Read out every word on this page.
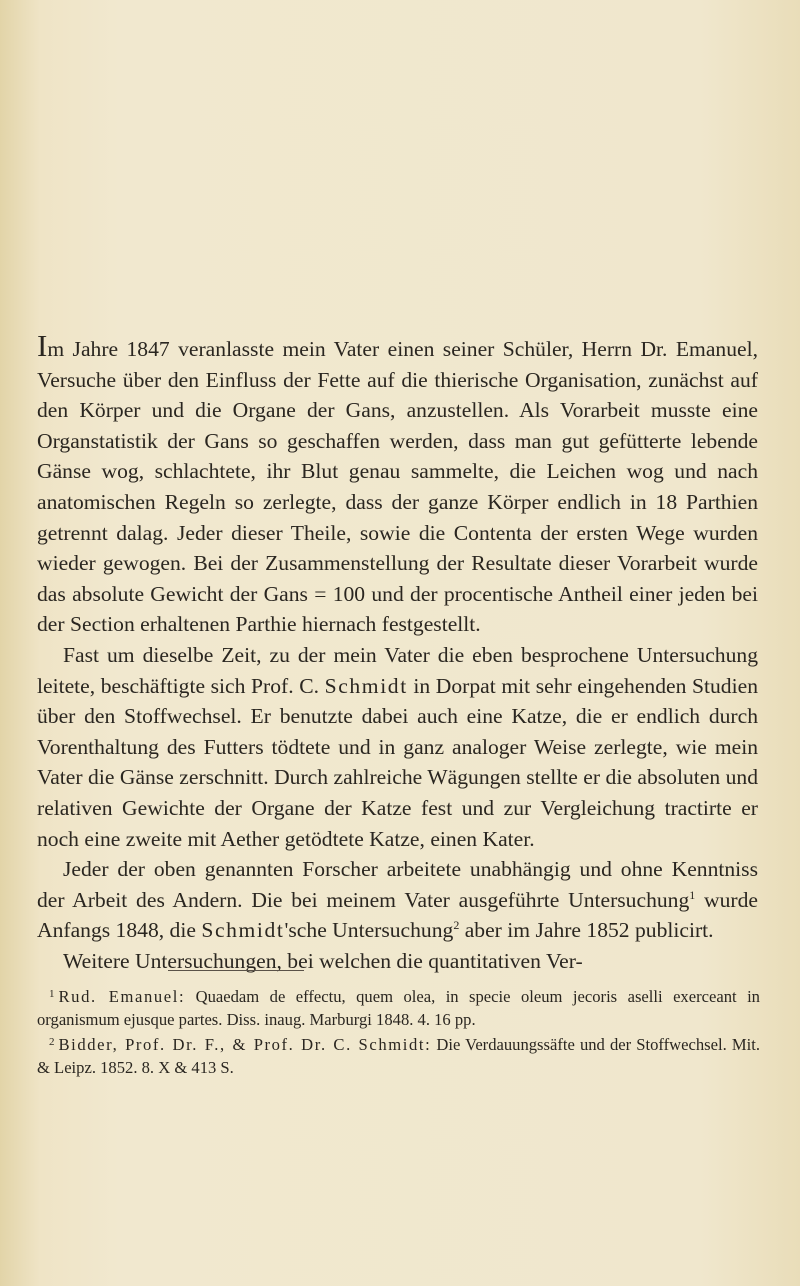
Im Jahre 1847 veranlasste mein Vater einen seiner Schüler, Herrn Dr. Emanuel, Versuche über den Einfluss der Fette auf die thierische Organisation, zunächst auf den Körper und die Organe der Gans, anzustellen. Als Vorarbeit musste eine Organstatistik der Gans so geschaffen werden, dass man gut gefütterte lebende Gänse wog, schlachtete, ihr Blut genau sammelte, die Leichen wog und nach anatomischen Regeln so zerlegte, dass der ganze Körper endlich in 18 Parthien getrennt dalag. Jeder dieser Theile, sowie die Contenta der ersten Wege wurden wieder gewogen. Bei der Zusammenstellung der Resultate dieser Vorarbeit wurde das absolute Gewicht der Gans = 100 und der procentische Antheil einer jeden bei der Section erhaltenen Parthie hiernach festgestellt.

Fast um dieselbe Zeit, zu der mein Vater die eben besprochene Untersuchung leitete, beschäftigte sich Prof. C. Schmidt in Dorpat mit sehr eingehenden Studien über den Stoffwechsel. Er benutzte dabei auch eine Katze, die er endlich durch Vorenthaltung des Futters tödtete und in ganz analoger Weise zerlegte, wie mein Vater die Gänse zerschnitt. Durch zahlreiche Wägungen stellte er die absoluten und relativen Gewichte der Organe der Katze fest und zur Vergleichung tractirte er noch eine zweite mit Aether getödtete Katze, einen Kater.

Jeder der oben genannten Forscher arbeitete unabhängig und ohne Kenntniss der Arbeit des Andern. Die bei meinem Vater ausgeführte Untersuchung$^1$ wurde Anfangs 1848, die Schmidt'sche Untersuchung$^2$ aber im Jahre 1852 publicirt.

Weitere Untersuchungen, bei welchen die quantitativen Ver-

$^1$ Rud. Emanuel: Quaedam de effectu, quem olea, in specie oleum jecoris aselli exerceant in organismum ejusque partes. Diss. inaug. Marburgi 1848. 4. 16 pp.

$^2$ Bidder, Prof. Dr. F., & Prof. Dr. C. Schmidt: Die Verdauungssäfte und der Stoffwechsel. Mit. & Leipz. 1852. 8. X & 413 S.
